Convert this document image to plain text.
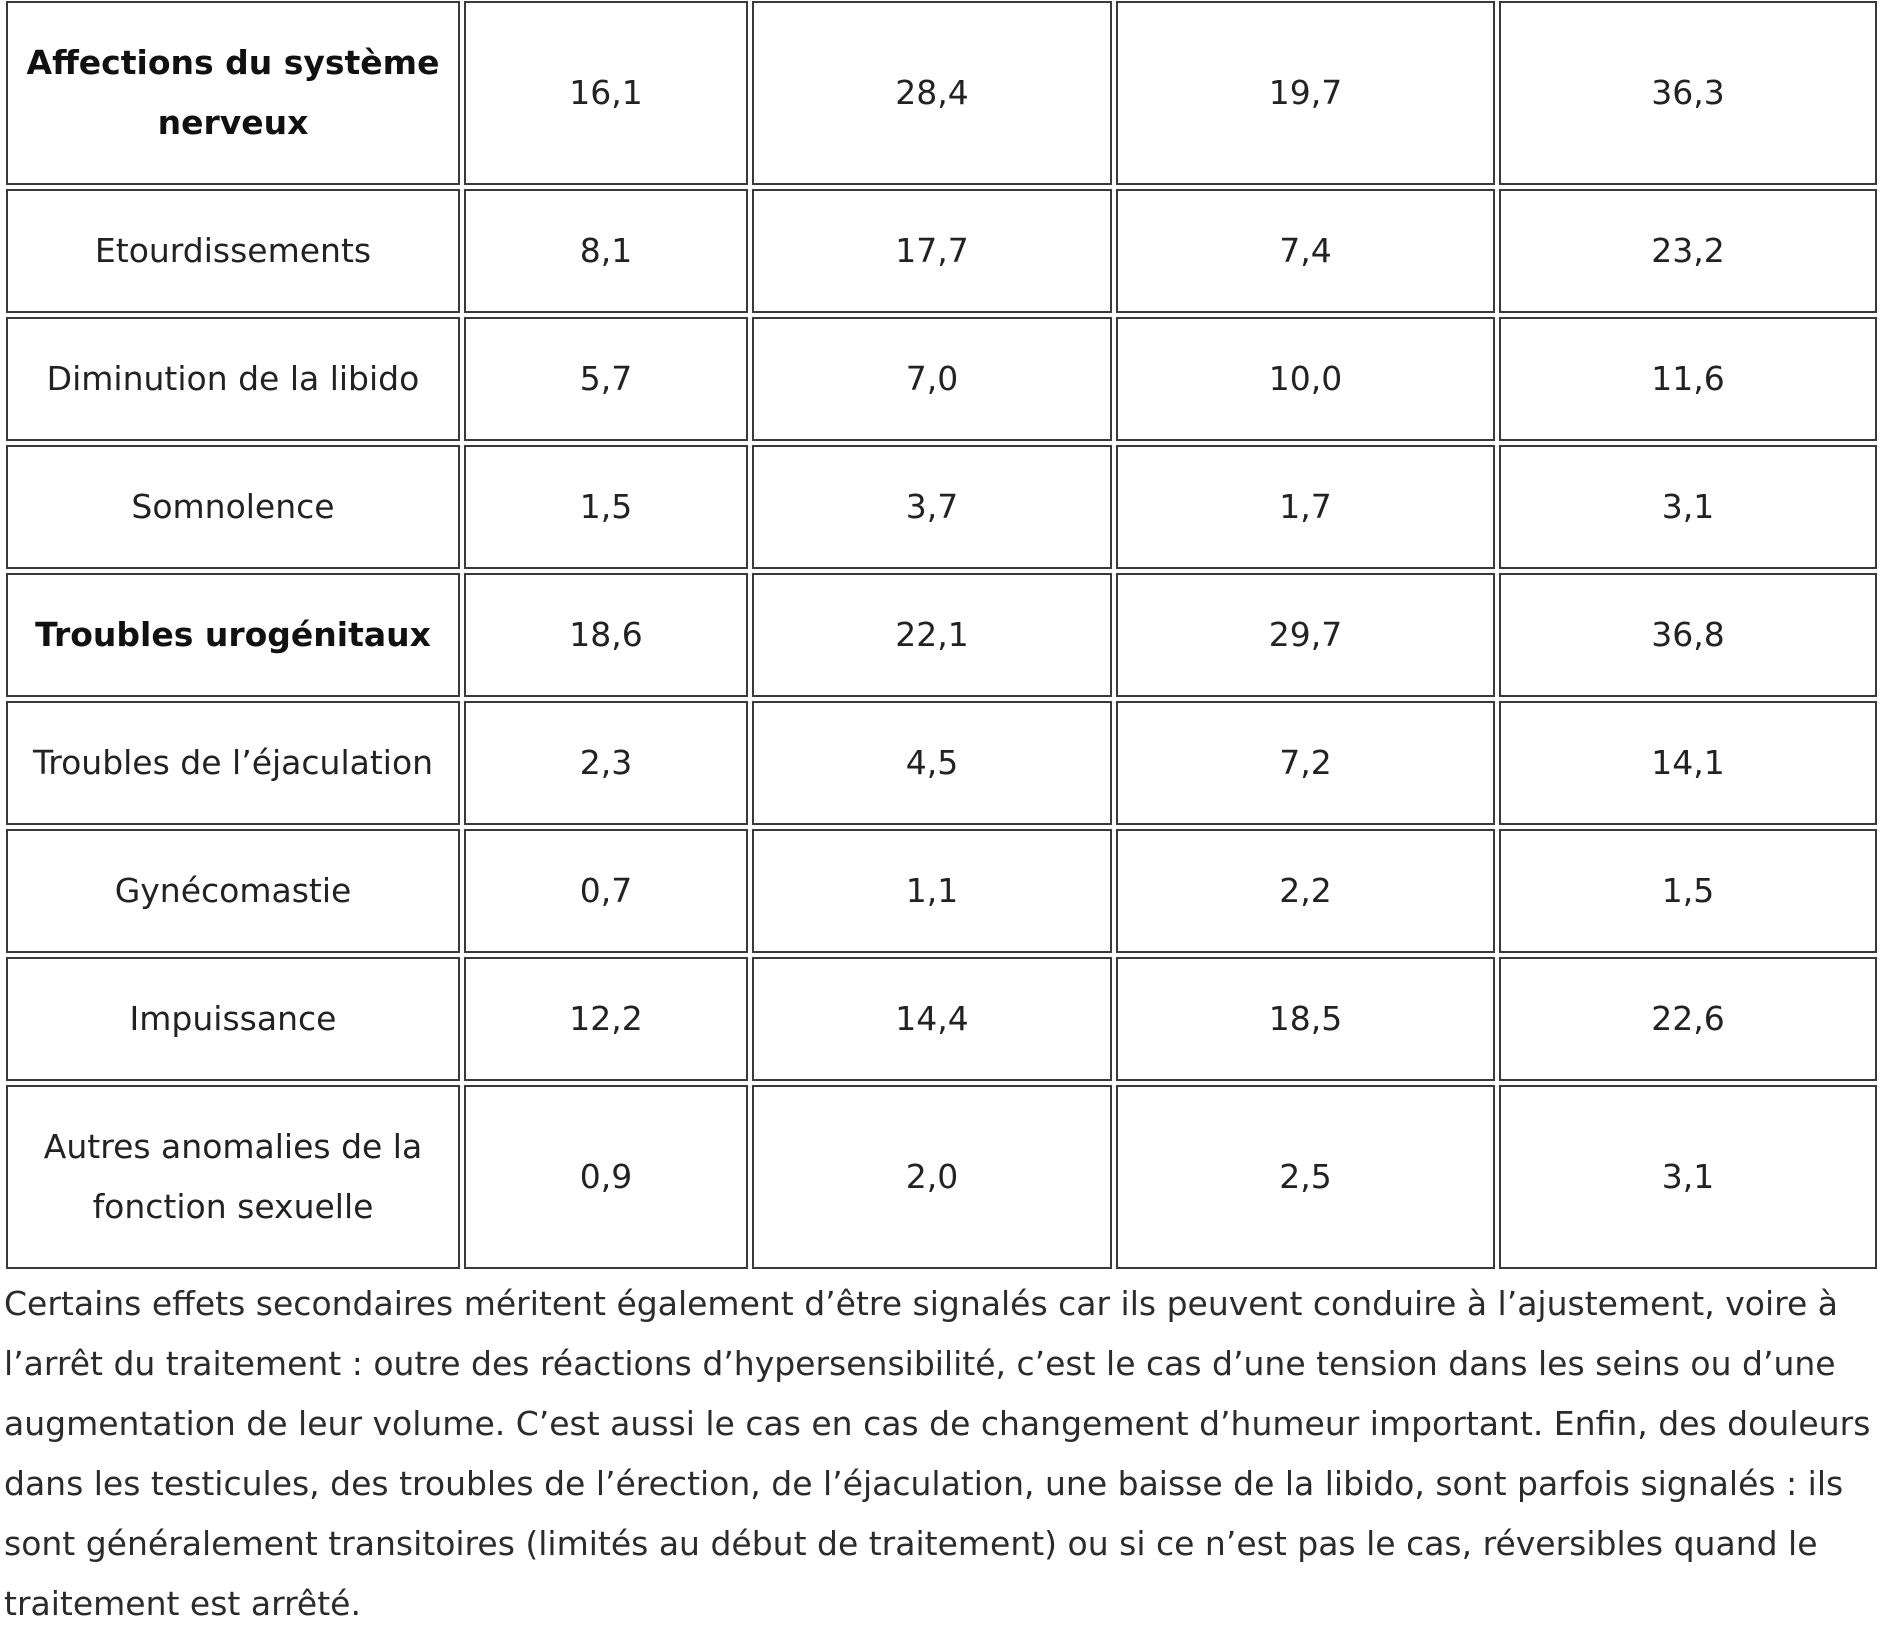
Affections du système nerveux	16,1	28,4	19,7	36,3
Etourdissements	8,1	17,7	7,4	23,2
Diminution de la libido	5,7	7,0	10,0	11,6
Somnolence	1,5	3,7	1,7	3,1
Troubles urogénitaux	18,6	22,1	29,7	36,8
Troubles de l’éjaculation	2,3	4,5	7,2	14,1
Gynécomastie	0,7	1,1	2,2	1,5
Impuissance	12,2	14,4	18,5	22,6
Autres anomalies de la fonction sexuelle	0,9	2,0	2,5	3,1

Certains effets secondaires méritent également d’être signalés car ils peuvent conduire à l’ajustement, voire à l’arrêt du traitement : outre des réactions d’hypersensibilité, c’est le cas d’une tension dans les seins ou d’une augmentation de leur volume. C’est aussi le cas en cas de changement d’humeur important. Enfin, des douleurs dans les testicules, des troubles de l’érection, de l’éjaculation, une baisse de la libido, sont parfois signalés : ils sont généralement transitoires (limités au début de traitement) ou si ce n’est pas le cas, réversibles quand le traitement est arrêté.
